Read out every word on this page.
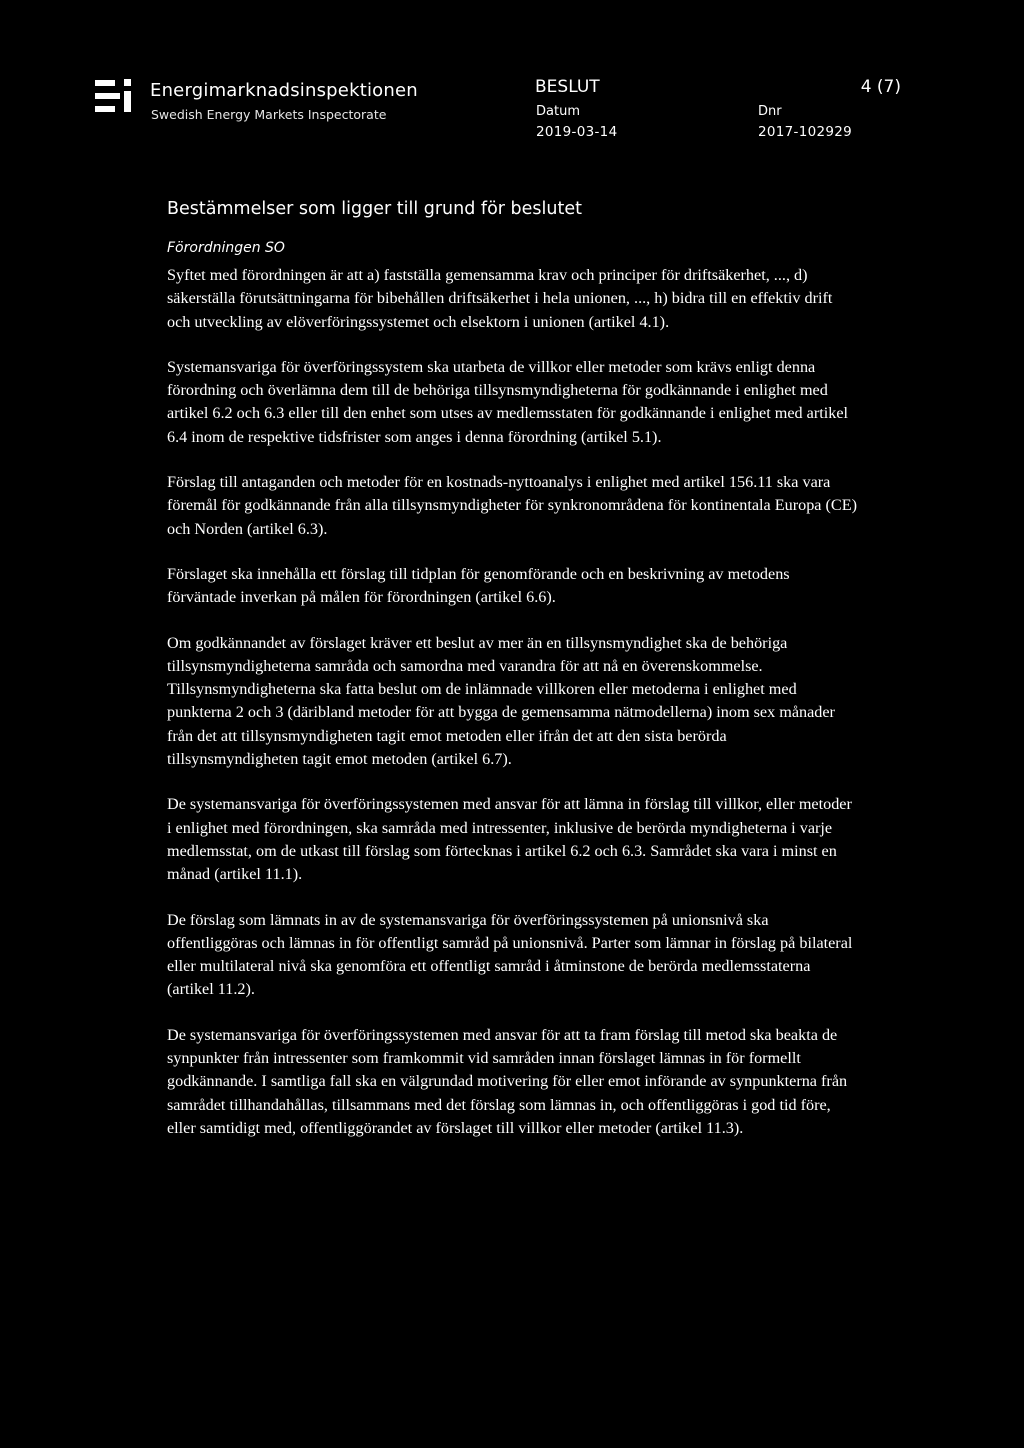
Energimarknadsinspektionen
Swedish Energy Markets Inspectorate
BESLUT	4 (7)
Datum
2019-03-14
Dnr
2017-102929
Bestämmelser som ligger till grund för beslutet
Förordningen SO

Syftet med förordningen är att a) fastställa gemensamma krav och principer för driftsäkerhet, ..., d) säkerställa förutsättningarna för bibehållen driftsäkerhet i hela unionen, ..., h) bidra till en effektiv drift och utveckling av elöverföringssystemet och elsektorn i unionen (artikel 4.1).

Systemansvariga för överföringssystem ska utarbeta de villkor eller metoder som krävs enligt denna förordning och överlämna dem till de behöriga tillsynsmyndigheterna för godkännande i enlighet med artikel 6.2 och 6.3 eller till den enhet som utses av medlemsstaten för godkännande i enlighet med artikel 6.4 inom de respektive tidsfrister som anges i denna förordning (artikel 5.1).

Förslag till antaganden och metoder för en kostnads-nyttoanalys i enlighet med artikel 156.11 ska vara föremål för godkännande från alla tillsynsmyndigheter för synkronområdena för kontinentala Europa (CE) och Norden (artikel 6.3).

Förslaget ska innehålla ett förslag till tidplan för genomförande och en beskrivning av metodens förväntade inverkan på målen för förordningen (artikel 6.6).

Om godkännandet av förslaget kräver ett beslut av mer än en tillsynsmyndighet ska de behöriga tillsynsmyndigheterna samråda och samordna med varandra för att nå en överenskommelse. Tillsynsmyndigheterna ska fatta beslut om de inlämnade villkoren eller metoderna i enlighet med punkterna 2 och 3 (däribland metoder för att bygga de gemensamma nätmodellerna) inom sex månader från det att tillsynsmyndigheten tagit emot metoden eller ifrån det att den sista berörda tillsynsmyndigheten tagit emot metoden (artikel 6.7).

De systemansvariga för överföringssystemen med ansvar för att lämna in förslag till villkor, eller metoder i enlighet med förordningen, ska samråda med intressenter, inklusive de berörda myndigheterna i varje medlemsstat, om de utkast till förslag som förtecknas i artikel 6.2 och 6.3. Samrådet ska vara i minst en månad (artikel 11.1).

De förslag som lämnats in av de systemansvariga för överföringssystemen på unionsnivå ska offentliggöras och lämnas in för offentligt samråd på unionsnivå. Parter som lämnar in förslag på bilateral eller multilateral nivå ska genomföra ett offentligt samråd i åtminstone de berörda medlemsstaterna (artikel 11.2).

De systemansvariga för överföringssystemen med ansvar för att ta fram förslag till metod ska beakta de synpunkter från intressenter som framkommit vid samråden innan förslaget lämnas in för formellt godkännande. I samtliga fall ska en välgrundad motivering för eller emot införande av synpunkterna från samrådet tillhandahållas, tillsammans med det förslag som lämnas in, och offentliggöras i god tid före, eller samtidigt med, offentliggörandet av förslaget till villkor eller metoder (artikel 11.3).
